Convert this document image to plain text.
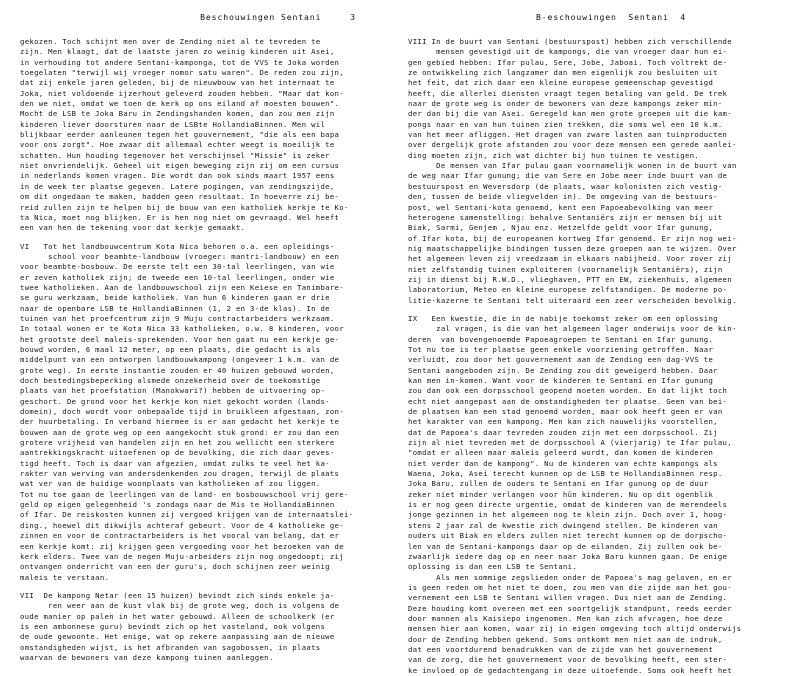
Beschouwingen Sentani     3
gekozen. Toch schijnt men over de Zending niet al te tevreden te
zijn. Men klaagt, dat de laatste jaren zo weinig kinderen uit Asei,
in verhouding tot andere Sentani-kamponga, tot de VVS te Joka worden
toegelaten "terwijl wij vroeger nomor satu waren". De reden zou zijn,
dat zij enkele jaren geleden, bij de nieuwbouw van het internaat te
Joka, niet voldoende ijzerhout geleverd zouden hebben. "Maar dat kon-
den we niet, omdat we toen de kerk op ons eiland af moesten bouwen".
Mocht de LSB te Joka Baru in Zendingshanden komen, dan zou men zijn
kinderen liever doorsturen naar de LSBte HollandiaBinnen. Men wil
blijkbaar eerder aanleunen tegen het gouvernement, "die als een bapa
voor ons zorgt". Hoe zwaar dit allemaal echter weegt is moeilijk te
schatten. Hun houding tegenover het verschijnsel "Missie" is zeker
niet onvriendelijk. Geheel uit eigen beweging zijn zij om een cursus
in nederlands komen vragen. Die wordt dan ook sinds maart 1957 eens
in de week ter plaatse gegeven. Latere pogingen, van zendingszijde,
om dit ongedaan te maken, hadden geen resultaat. In hoeverre zij be-
reid zullen zijn te helpen bij de bouw van een katholiek kerkje te Ko-
ta Nica, moet nog blijken. Er is hen nog niet om gevraagd. Wel heeft
een van hen de tekening voor dat kerkje gemaakt.
VI   Tot het landbouwcentrum Kota Nica behoren o.a. een opleidings-
school voor beambte-landbouw (vroeger: mantri-landbouw) en een
voor beambte-bosbouw. De eerste telt een 30-tal leerlingen, van wie
er zeven katholiek zijn; de tweede een 10-tal leerlingen, onder wie
twee katholieken. Aan de landbouwschool zijn een Keiese en Tanimbare-
se guru werkzaam, beide katholiek. Van hun 6 kinderen gaan er drie
naar de openbare LSB te HollandiaBinnen (1, 2 en 3-de klas). In de
tuinen van het proefcentrum zijn 9 Muju contractarbeiders werkzaam.
In totaal wonen er te Kota Nica 33 katholieken, o.w. 8 kinderen, voor
het grootste deel maleis-sprekenden. Voor hen gaat nu een kerkje ge-
bouwd worden, 6 maal 12 meter, op een plaats, die gedacht is als
middelpunt van een ontworpen landbouwkampong (ongeveer 1 k.m. van de
grote weg). In eerste instantie zouden er 40 huizen gebouwd worden,
doch bestedingsbeperking alsmede onzekerheid over de toekomstige
plaats van het proefstation (Manokwari?) hebben de uitvoering op-
geschort. De grond voor het kerkje kon niet gekocht worden (lands-
domein), doch wordt voor onbepaalde tijd in bruikleen afgestaan, zon-
der huurbetaling. In verband hiermee is er aan gedacht het kerkje te
bouwen aan de grote weg op een aangekocht stuk grond: er zou dan een
grotere vrijheid van handelen zijn en het zou wellicht een sterkere
aantrekkingskracht uitoefenen op de bevolking, die zich daar geves-
tigd heeft. Toch is daar van afgezien, omdat zulks te veel het ka-
rakter van werving van andersdenkenden zou dragen, terwijl de plaats
wat ver van de huidige woonplaats van katholieken af zou liggen.
Tot nu toe gaan de leerlingen van de land- en bosbouwschool vrij gere-
geld op eigen gelegenheid 's zondags naar de Mis te HollandiaBinnen
of Ifar. De reiskosten kunnen zij vergoed krijgen van de internaatslei-
ding., hoewel dit dikwijls achteraf gebeurt. Voor de 4 katholieke ge-
zinnen en voor de contractarbeiders is het vooral van belang, dat er
een kerkje komt: zij krijgen geen vergoeding voor het bezoeken van de
kerk elders. Twee van de negen Muju-arbeiders zijn nog ongedoopt; zij
ontvangen onderricht van een der guru's, doch schijnen zeer weinig
maleis te verstaan.
VII  De kampong Netar (een 15 huizen) bevindt zich sinds enkele ja-
ren weer aan de kust vlak bij de grote weg, doch is volgens de
oude manier op palen in het water gebouwd. Alleen de schoolkerk (er
is een ambonnese guru) bevindt zich op het vasteland, ook volgens
de oude gewoonte. Het enige, wat op zekere aanpassing aan de nieuwe
omstandigheden wijst, is het afbranden van sagobossen, in plaats
waarvan de bewoners van deze kampong tuinen aanleggen.
B-eschouwingen  Sentani  4
VIII In de buurt van Sentani (bestuurspost) hebben zich verschillende
mensen gevestigd uit de kampongs, die van vroeger daar hun ei-
gen gebied hebben: Ifar pulau, Sere, Jobe, Jaboai. Toch voltrekt de-
ze ontwikkeling zich langzamer dan men eigenlijk zou besluiten uit
het feit, dat zich daar een kleine europese gemeenschap gevestigd
heeft, die allerlei diensten vraagt tegen betaling van geld. De trek
naar de grote weg is onder de bewoners van deze kampongs zeker min-
der dan bij die van Asei. Geregeld kan men grote groepen uit die kam-
pongs naar en van hun tuinen zien trekken, die soms wel een 10 k.m.
van het meer afliggen. Het dragen van zware lasten aan tuinproducten
over dergelijk grote afstanden zou voor deze mensen een gerede aanlei-
ding moeten zijn, zich wat dichter bij hun tuinen te vestigen.
De mensen van Ifar pulau gaan voornamelijk wonen in de buurt van
de weg naar Ifar gunung; die van Sere en Jobe meer inde buurt van de
bestuurspost en Weversdorp (de plaats, waar kolonisten zich vestig-
den, tussen de beide vliegvelden in). De omgeving van de bestuurs-
post, wel Sentani-kota genoemd, kent een Papoeabevolking van meer
heterogene samenstelling: behalve Sentaniërs zijn er mensen bij uit
Biak, Sarmi, Genjem , Njau enz. Hetzelfde geldt voor Ifar gunung,
of Ifar kota, bij de europeanen kortweg Ifar genoemd. Er zijn nog wei-
nig maatschappelijke bindingen tussen deze groepen aan te wijzen. Over
het algemeen leven zij vreedzaam in elkaars nabijheid. Voor zover zij
niet zelfstandig tuinen exploiteren (voornamelijk Sentaniërs), zijn
zij in dienst bij R.W.D., vlieghaven, PTT en EW, ziekenhuis, algemeen
laboratorium, Meteo en kleine europese zelfstandigen. De moderne po-
litie-kazerne te Sentani telt uiteraard een zeer verscheiden bevolkig.
IX   Een kwestie, die in de nabije toekomst zeker om een oplossing
zal vragen, is die van het algemeen lager onderwijs voor de kin-
deren  van bovengenoemde Papoeagroepen te Sentani en Ifar gunung.
Tot nu toe is ter plaatse geen enkele voorziening getroffen. Naar
verluidt, zou door het gouvernement aan de Zending een dag-VVS te
Sentani aangeboden zijn. De Zending zou dit geweigerd hebben. Daar
kan men in-komen. Want voor de kinderen te Sentani en Ifar gunung
zou dan ook een dorpsschool geopend moeten worden. En dat lijkt toch
echt niet aangepast aan de omstandigheden ter plaatse. Geen van bei-
de plaatsen kan een stad genoemd worden, maar ook heeft geen er van
het karakter van een kampong. Men kan zich nauwelijks voorstellen,
dat de Papoea's daar tevreden zouden zijn met een dorpsschool. Zij
zijn al niet tevreden met de dorpsschool A (vierjarig) te Ifar pulau,
"omdat er alleen maar maleis geleerd wordt, dan komen de kinderen
niet verder dan de kampong". Nu de kinderen van echte kampongs als
Waena, Joka, Asei terecht kunnen op de LSB te HollandiaBinnen resp.
Joka Baru, zullen de ouders te Sentani en Ifar gunung op de duur
zeker niet minder verlangen voor hûn kinderen. Nu op dit ogenblik
is er nog geen directe urgentie, omdat de kinderen van de merendeels
jonge gezinnen in het algemeen nog te klein zijn. Doch over 1, hoog-
stens 2 jaar zal de kwestie zich dwingend stellen. De kinderen van
ouders uit Biak en elders zullen niet terecht kunnen op de dorpscho-
len van de Sentani-kampongs daar op de eilanden. Zij zullen ook be-
zwaarlijk iedere dag op en neer naar Joka Baru kunnen gaan. De enige
oplossing is dan een LSB te Sentani.
Als men sommige zegslieden onder de Papoea's mag geloven, en er
is geen reden om het niet te doen, zou men van die zijde aan het gou-
vernement een LSB te Sentani willen vragen. Dus niet aan de Zending.
Deze houding komt overeen met een soortgelijk standpunt, reeds eerder
door mannen als Kaisiepo ingenomen. Men kan zich afvragen, hoe deze
mensen hier aan komen, waar zij in eigen omgeving toch altijd onderwijs
door de Zending hebben gekend. Soms ontkomt men niet aan de indruk,
dat een voortdurend benadrukken van de zijde van het gouvernement
van de zorg, die het gouvernement voor de bevolking heeft, een ster-
ke invloed op de gedachtengang in deze uitoefende. Soms ook heeft het
